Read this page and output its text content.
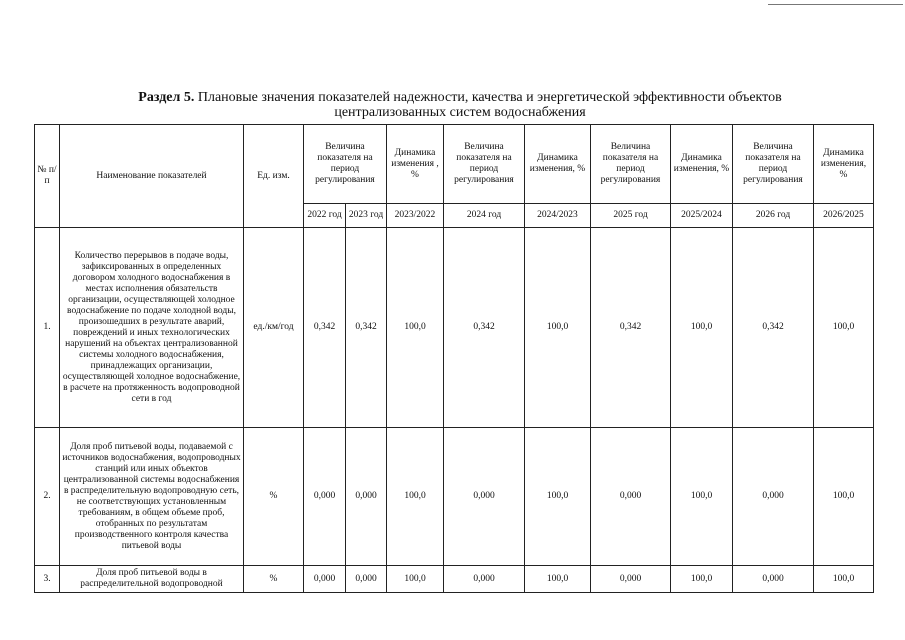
Раздел 5. Плановые значения показателей надежности, качества и энергетической эффективности объектов
централизованных систем водоснабжения
№ п/п	Наименование показателей	Ед. изм.	Величина показателя на период регулирования		Динамика изменения , %	Величина показателя на период регулирования	Динамика изменения, %	Величина показателя на период регулирования	Динамика изменения, %	Величина показателя на период регулирования	Динамика изменения, %
			2022 год	2023 год	2023/2022	2024 год	2024/2023	2025 год	2025/2024	2026 год	2026/2025
1.	Количество перерывов в подаче воды, зафиксированных в определенных договором холодного водоснабжения в местах исполнения обязательств организации, осуществляющей холодное водоснабжение по подаче холодной воды, произошедших в результате аварий, повреждений и иных технологических нарушений на объектах централизованной системы холодного водоснабжения, принадлежащих организации, осуществляющей холодное водоснабжение, в расчете на протяженность водопроводной сети в год	ед./км/год	0,342	0,342	100,0	0,342	100,0	0,342	100,0	0,342	100,0
2.	Доля проб питьевой воды, подаваемой с источников водоснабжения, водопроводных станций или иных объектов централизованной системы водоснабжения в распределительную водопроводную сеть, не соответствующих установленным требованиям, в общем объеме проб, отобранных по результатам производственного контроля качества питьевой воды	%	0,000	0,000	100,0	0,000	100,0	0,000	100,0	0,000	100,0
3.	Доля проб питьевой воды в распределительной водопроводной	%	0,000	0,000	100,0	0,000	100,0	0,000	100,0	0,000	100,0
